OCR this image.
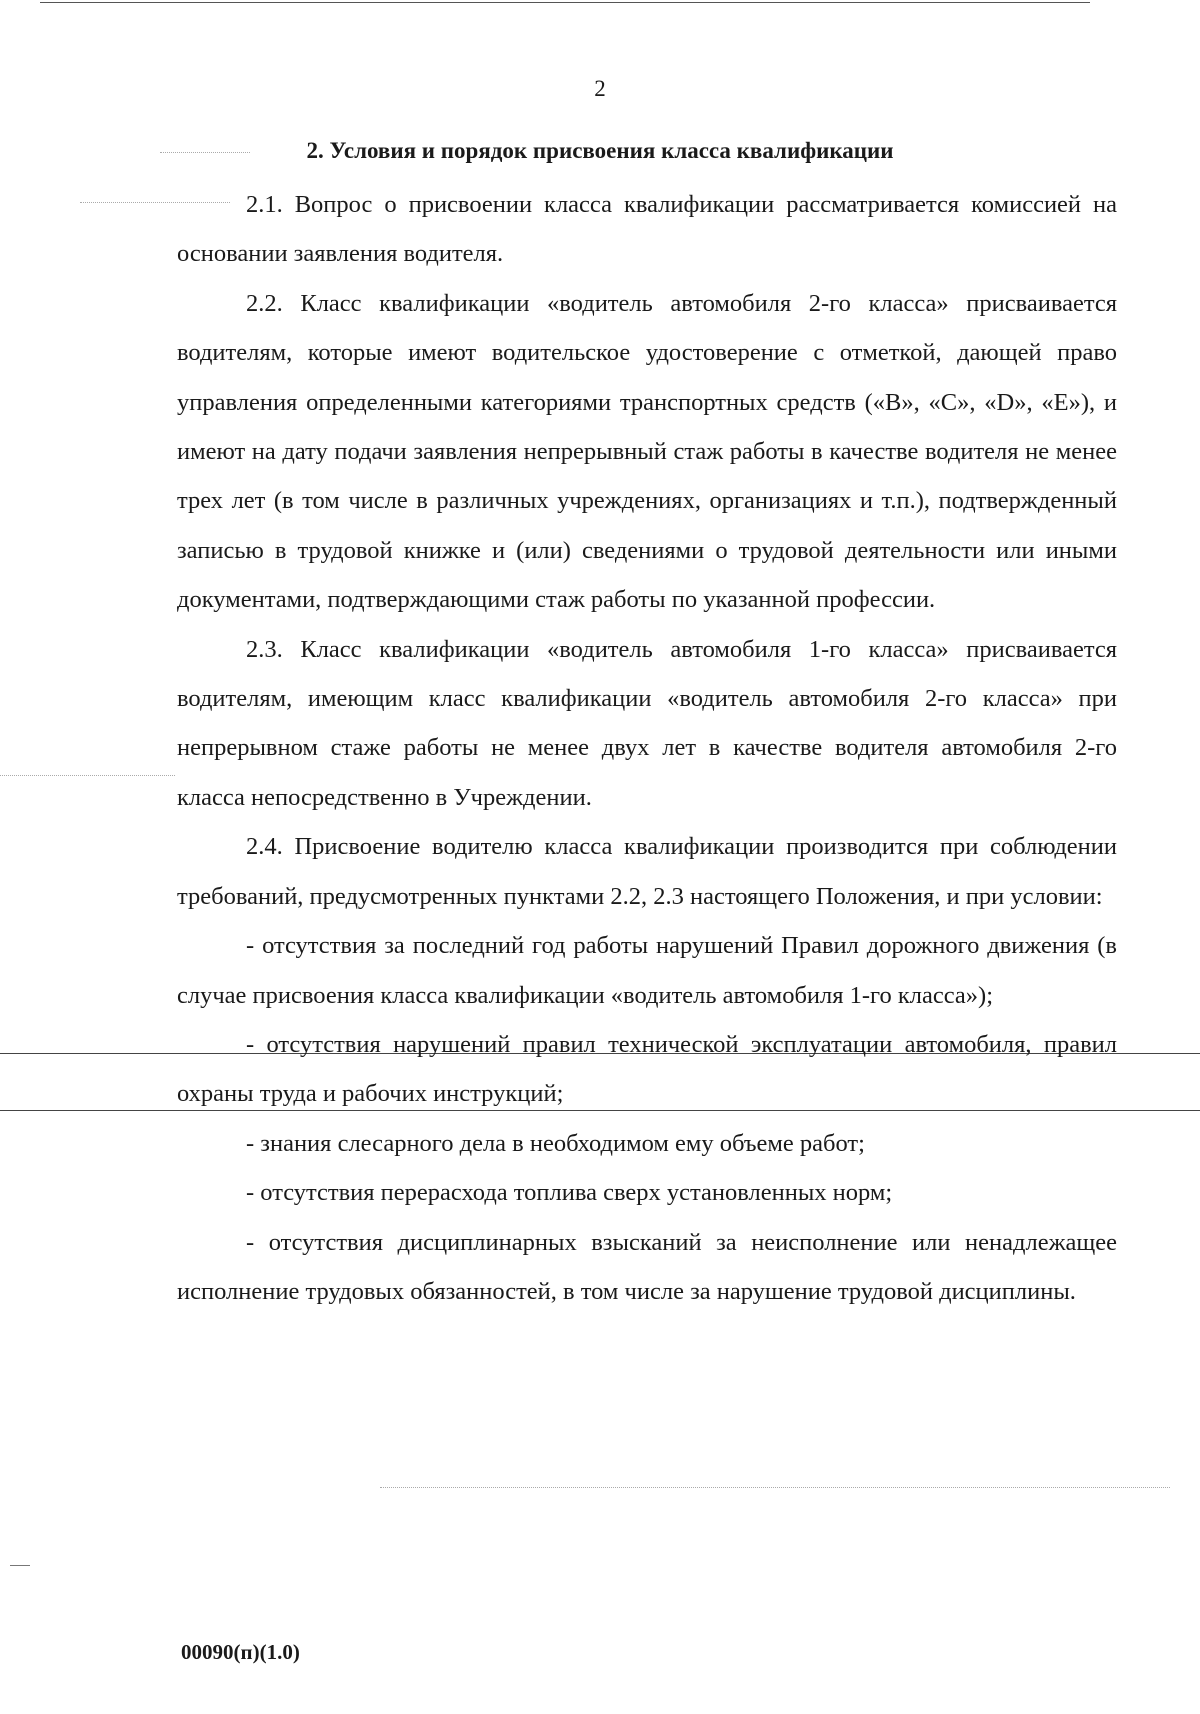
2
2. Условия и порядок присвоения класса квалификации

2.1. Вопрос о присвоении класса квалификации рассматривается комиссией на основании заявления водителя.

2.2. Класс квалификации «водитель автомобиля 2-го класса» присваивается водителям, которые имеют водительское удостоверение с отметкой, дающей право управления определенными категориями транспортных средств («B», «C», «D», «E»), и имеют на дату подачи заявления непрерывный стаж работы в качестве водителя не менее трех лет (в том числе в различных учреждениях, организациях и т.п.), подтвержденный записью в трудовой книжке и (или) сведениями о трудовой деятельности или иными документами, подтверждающими стаж работы по указанной профессии.

2.3. Класс квалификации «водитель автомобиля 1-го класса» присваивается водителям, имеющим класс квалификации «водитель автомобиля 2-го класса» при непрерывном стаже работы не менее двух лет в качестве водителя автомобиля 2-го класса непосредственно в Учреждении.

2.4. Присвоение водителю класса квалификации производится при соблюдении требований, предусмотренных пунктами 2.2, 2.3 настоящего Положения, и при условии:

- отсутствия за последний год работы нарушений Правил дорожного движения (в случае присвоения класса квалификации «водитель автомобиля 1-го класса»);

- отсутствия нарушений правил технической эксплуатации автомобиля, правил охраны труда и рабочих инструкций;

- знания слесарного дела в необходимом ему объеме работ;

- отсутствия перерасхода топлива сверх установленных норм;

- отсутствия дисциплинарных взысканий за неисполнение или ненадлежащее исполнение трудовых обязанностей, в том числе за нарушение трудовой дисциплины.

00090(п)(1.0)
